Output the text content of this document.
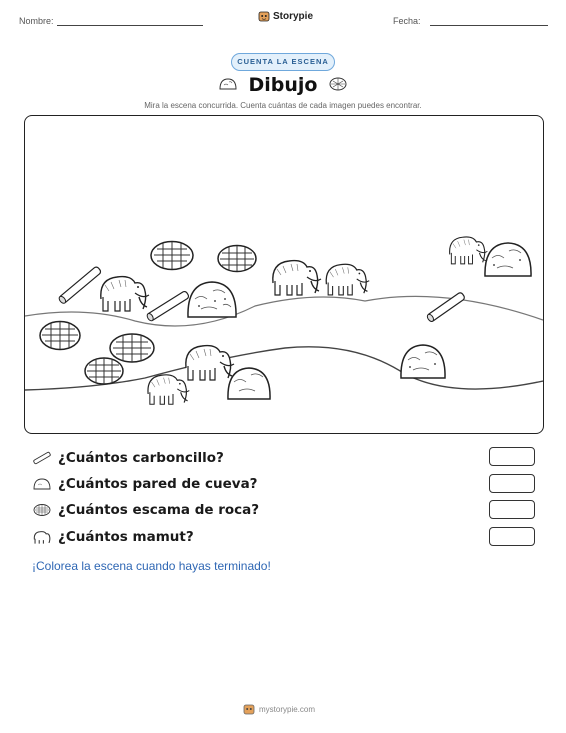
Nombre:	Storypie	Fecha:
CUENTA LA ESCENA
Dibujo
Mira la escena concurrida. Cuenta cuántas de cada imagen puedes encontrar.
¿Cuántos carboncillo?
¿Cuántos pared de cueva?
¿Cuántos escama de roca?
¿Cuántos mamut?
¡Colorea la escena cuando hayas terminado!
mystorypie.com
